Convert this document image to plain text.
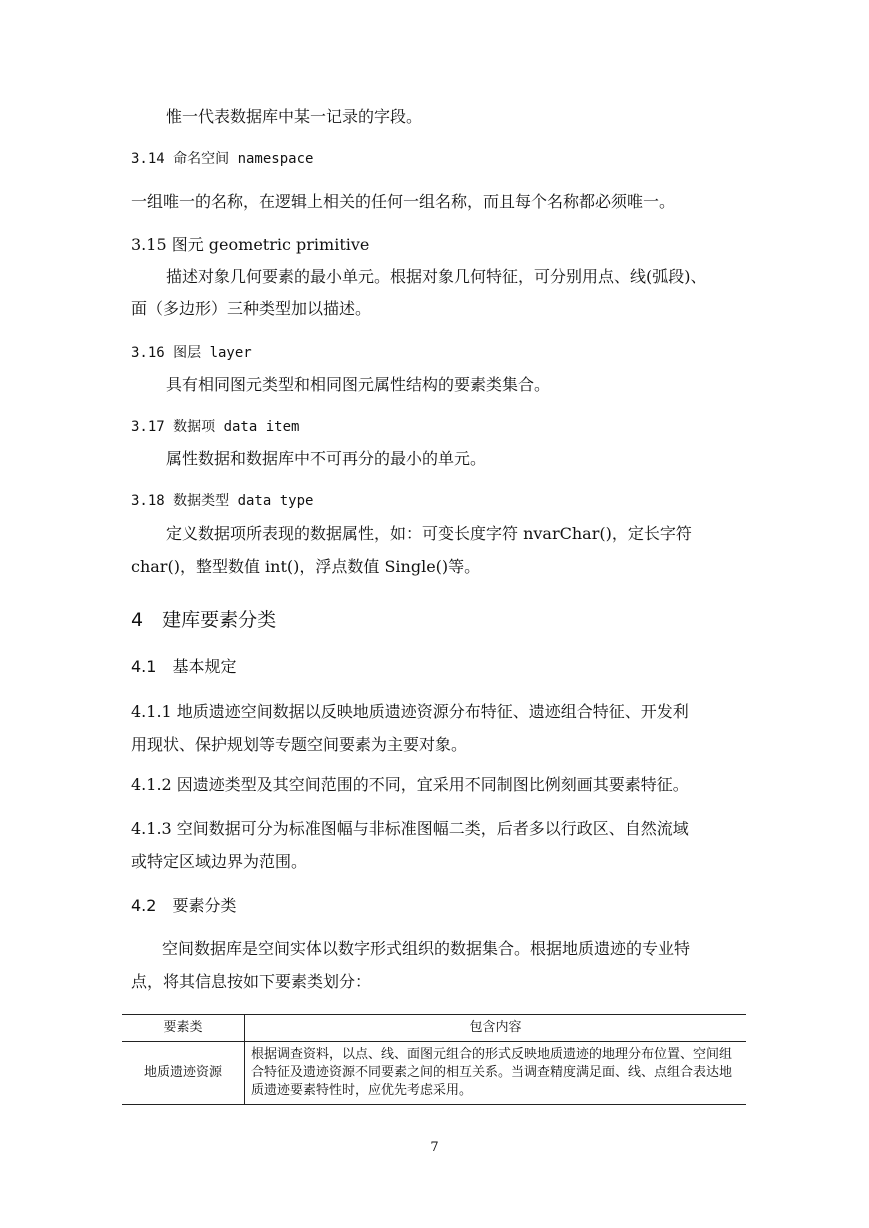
惟一代表数据库中某一记录的字段。
3.14 命名空间 namespace
一组唯一的名称，在逻辑上相关的任何一组名称，而且每个名称都必须唯一。
3.15 图元 geometric primitive
描述对象几何要素的最小单元。根据对象几何特征，可分别用点、线(弧段)、
面（多边形）三种类型加以描述。
3.16 图层 layer
具有相同图元类型和相同图元属性结构的要素类集合。
3.17 数据项 data item
属性数据和数据库中不可再分的最小的单元。
3.18 数据类型 data type
定义数据项所表现的数据属性，如：可变长度字符 nvarChar()，定长字符
char()，整型数值 int()，浮点数值 Single()等。
4　建库要素分类
4.1　基本规定
4.1.1 地质遗迹空间数据以反映地质遗迹资源分布特征、遗迹组合特征、开发利
用现状、保护规划等专题空间要素为主要对象。
4.1.2 因遗迹类型及其空间范围的不同，宜采用不同制图比例刻画其要素特征。
4.1.3 空间数据可分为标准图幅与非标准图幅二类，后者多以行政区、自然流域
或特定区域边界为范围。
4.2　要素分类
空间数据库是空间实体以数字形式组织的数据集合。根据地质遗迹的专业特
点，将其信息按如下要素类划分：
要素类	包含内容
地质遗迹资源	根据调查资料，以点、线、面图元组合的形式反映地质遗迹的地理分布位置、空间组合特征及遗迹资源不同要素之间的相互关系。当调查精度满足面、线、点组合表达地质遗迹要素特性时，应优先考虑采用。
7
